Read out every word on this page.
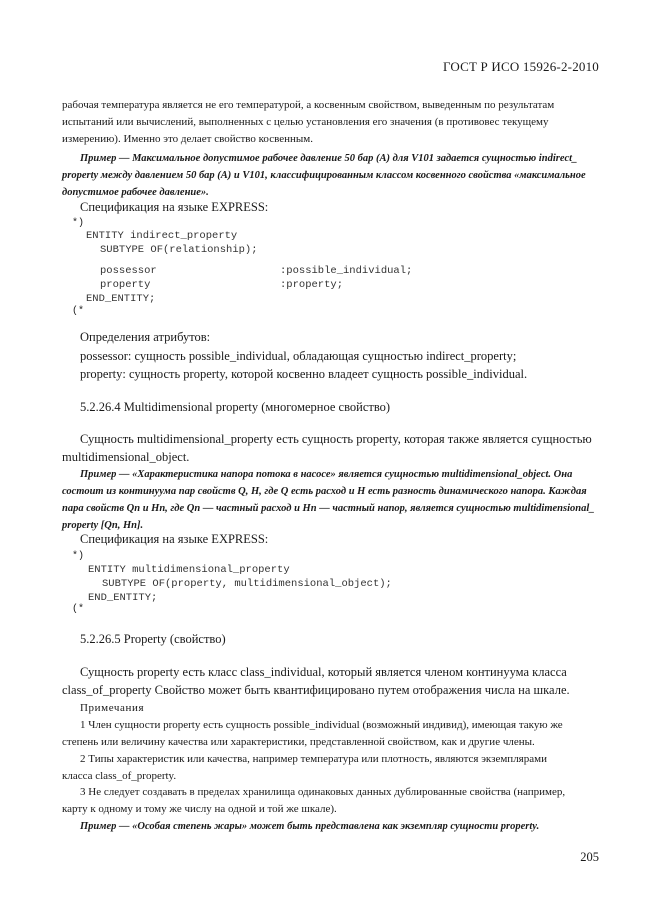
ГОСТ Р ИСО 15926-2-2010
рабочая температура является не его температурой, а косвенным свойством, выведенным по результатам
испытаний или вычислений, выполненных с целью установления его значения (в противовес текущему
измерению). Именно это делает свойство косвенным.
Пример — Максимальное допустимое рабочее давление 50 бар (А) для V101 задается сущностью indirect_
property между давлением 50 бар (А) и V101, классифицированным классом косвенного свойства «максимальное
допустимое рабочее давление».
Спецификация на языке EXPRESS:
*)
ENTITY indirect_property
SUBTYPE OF(relationship);
possessor	:possible_individual;
property	:property;
END_ENTITY;
(*
Определения атрибутов:
possessor: сущность possible_individual, обладающая сущностью indirect_property;
property: сущность property, которой косвенно владеет сущность possible_individual.
5.2.26.4 Multidimensional property (многомерное свойство)
Сущность multidimensional_property есть сущность property, которая также является сущностью
multidimensional_object.
Пример — «Характеристика напора потока в насосе» является сущностью multidimensional_object. Она
состоит из континуума пар свойств Q, H, где Q есть расход и H есть разность динамического напора. Каждая
пара свойств Qn и Hn, где Qn — частный расход и Hn — частный напор, является сущностью multidimensional_
property [Qn, Hn].
Спецификация на языке EXPRESS:
*)
ENTITY multidimensional_property
SUBTYPE OF(property, multidimensional_object);
END_ENTITY;
(*
5.2.26.5 Property (свойство)
Сущность property есть класс class_individual, который является членом континуума класса
class_of_property Свойство может быть квантифицировано путем отображения числа на шкале.
Примечания
1 Член сущности property есть сущность possible_individual (возможный индивид), имеющая такую же
степень или величину качества или характеристики, представленной свойством, как и другие члены.
2 Типы характеристик или качества, например температура или плотность, являются экземплярами
класса class_of_property.
3 Не следует создавать в пределах хранилища одинаковых данных дублированные свойства (например,
карту к одному и тому же числу на одной и той же шкале).
Пример — «Особая степень жары» может быть представлена как экземпляр сущности property.
205
